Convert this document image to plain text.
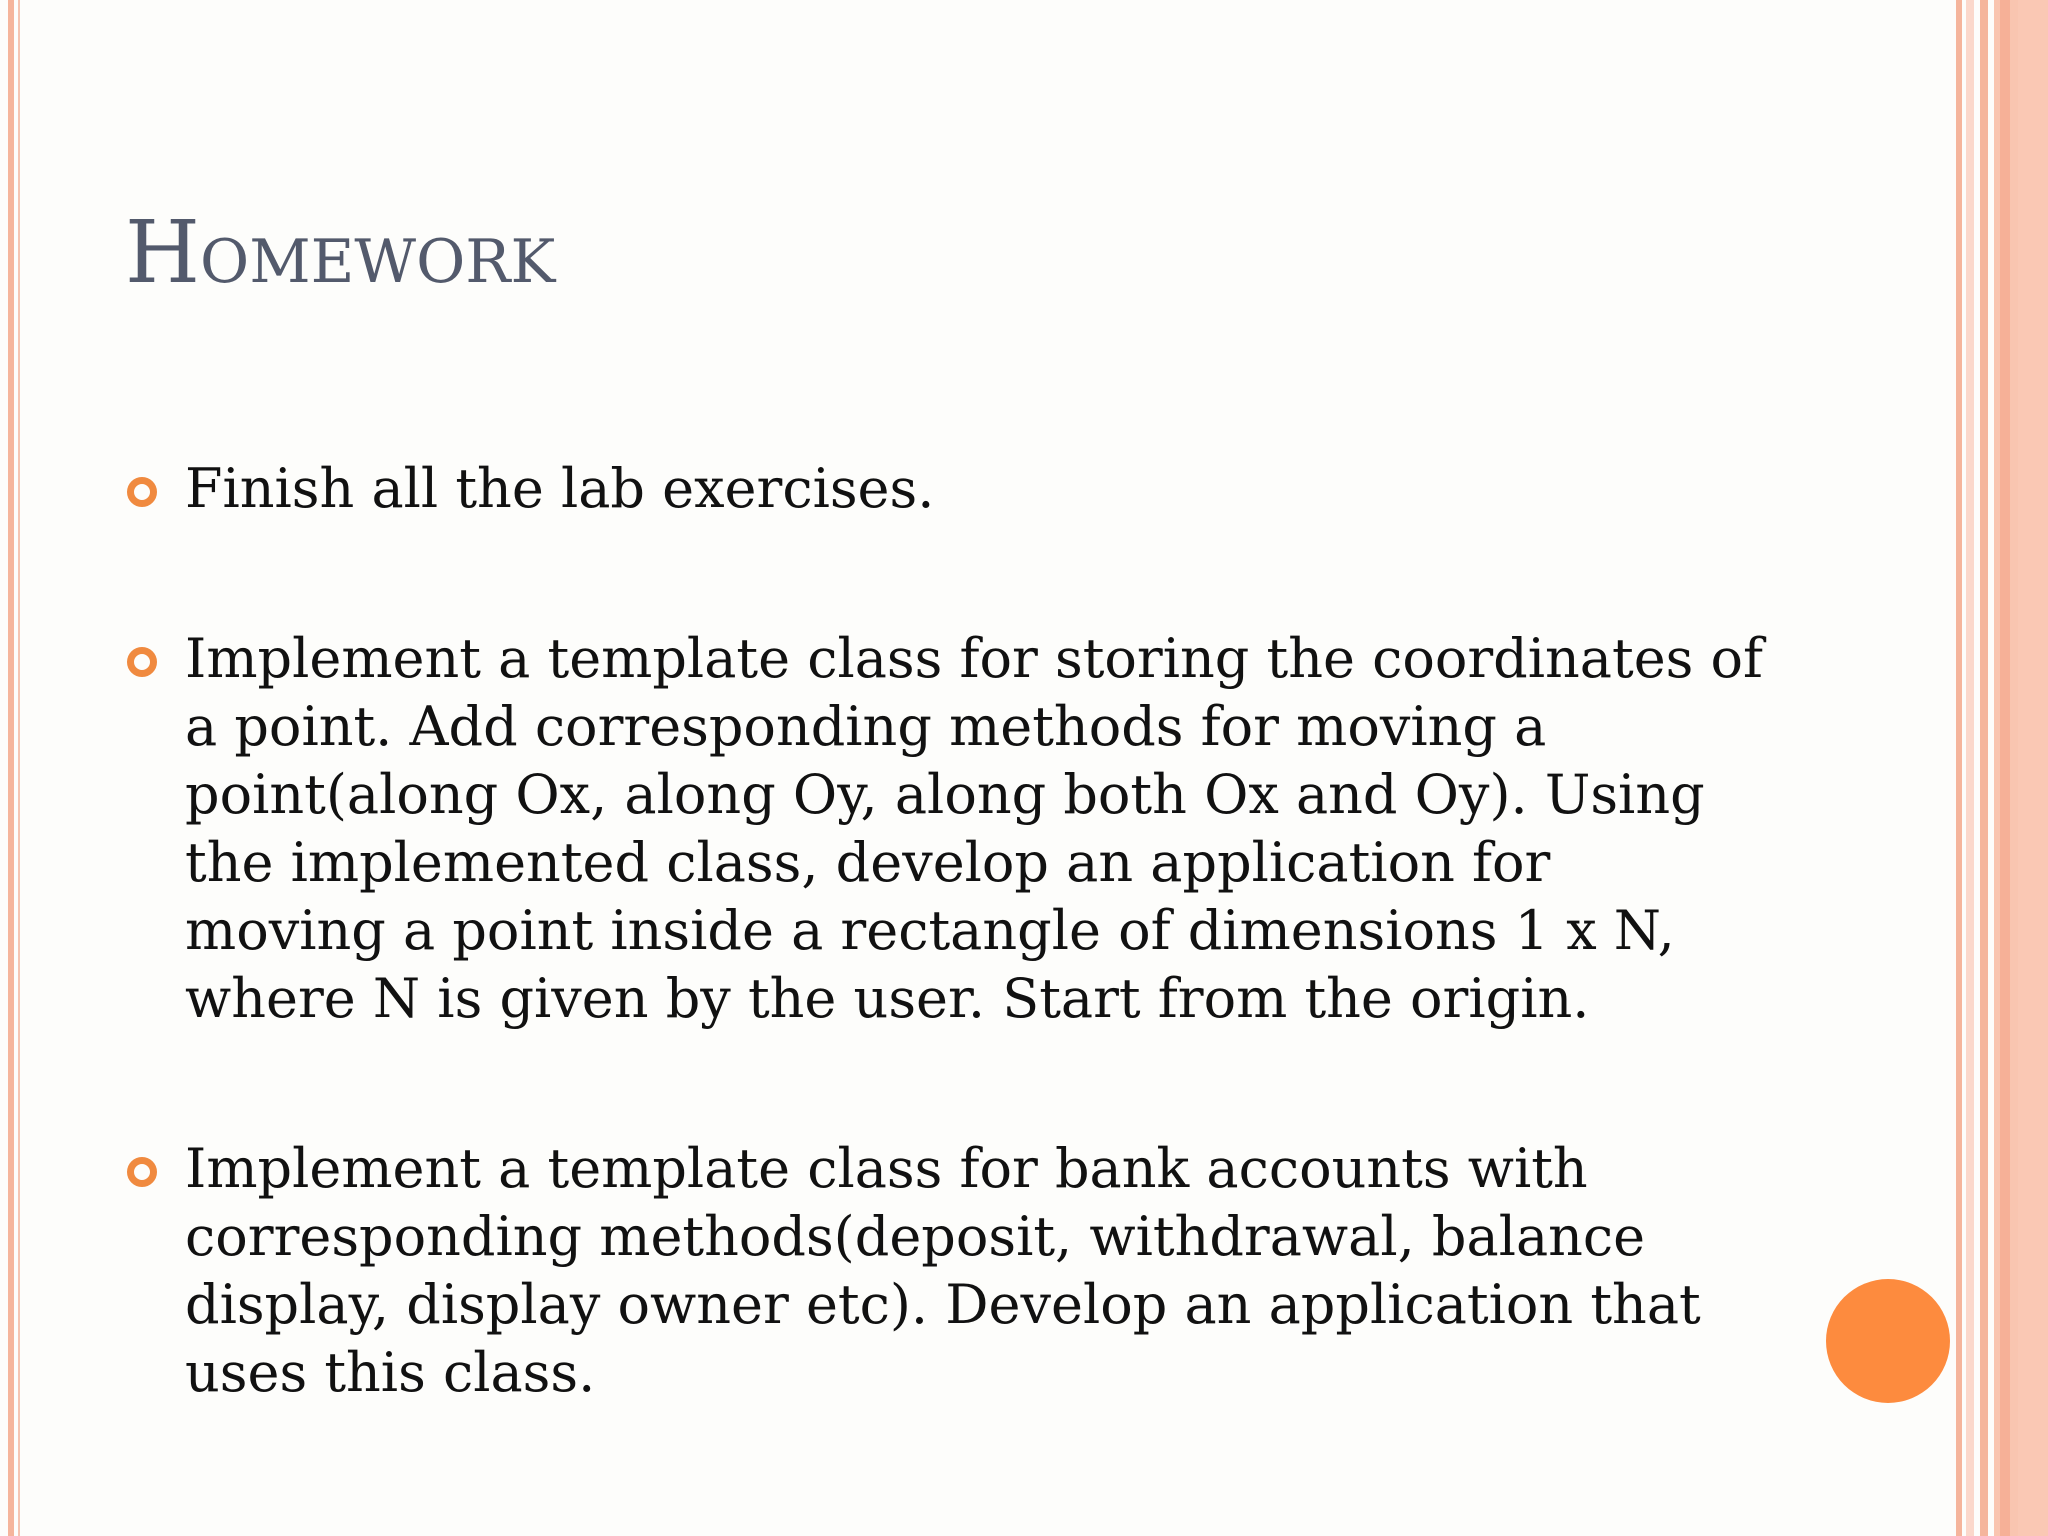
Homework
Finish all the lab exercises.
Implement a template class for storing the coordinates of a point. Add corresponding methods for moving a point(along Ox, along Oy, along both Ox and Oy). Using the implemented class, develop an application for moving a point inside a rectangle of dimensions 1 x N, where N is given by the user. Start from the origin.
Implement a template class for bank accounts with corresponding methods(deposit, withdrawal, balance display, display owner etc). Develop an application that uses this class.
